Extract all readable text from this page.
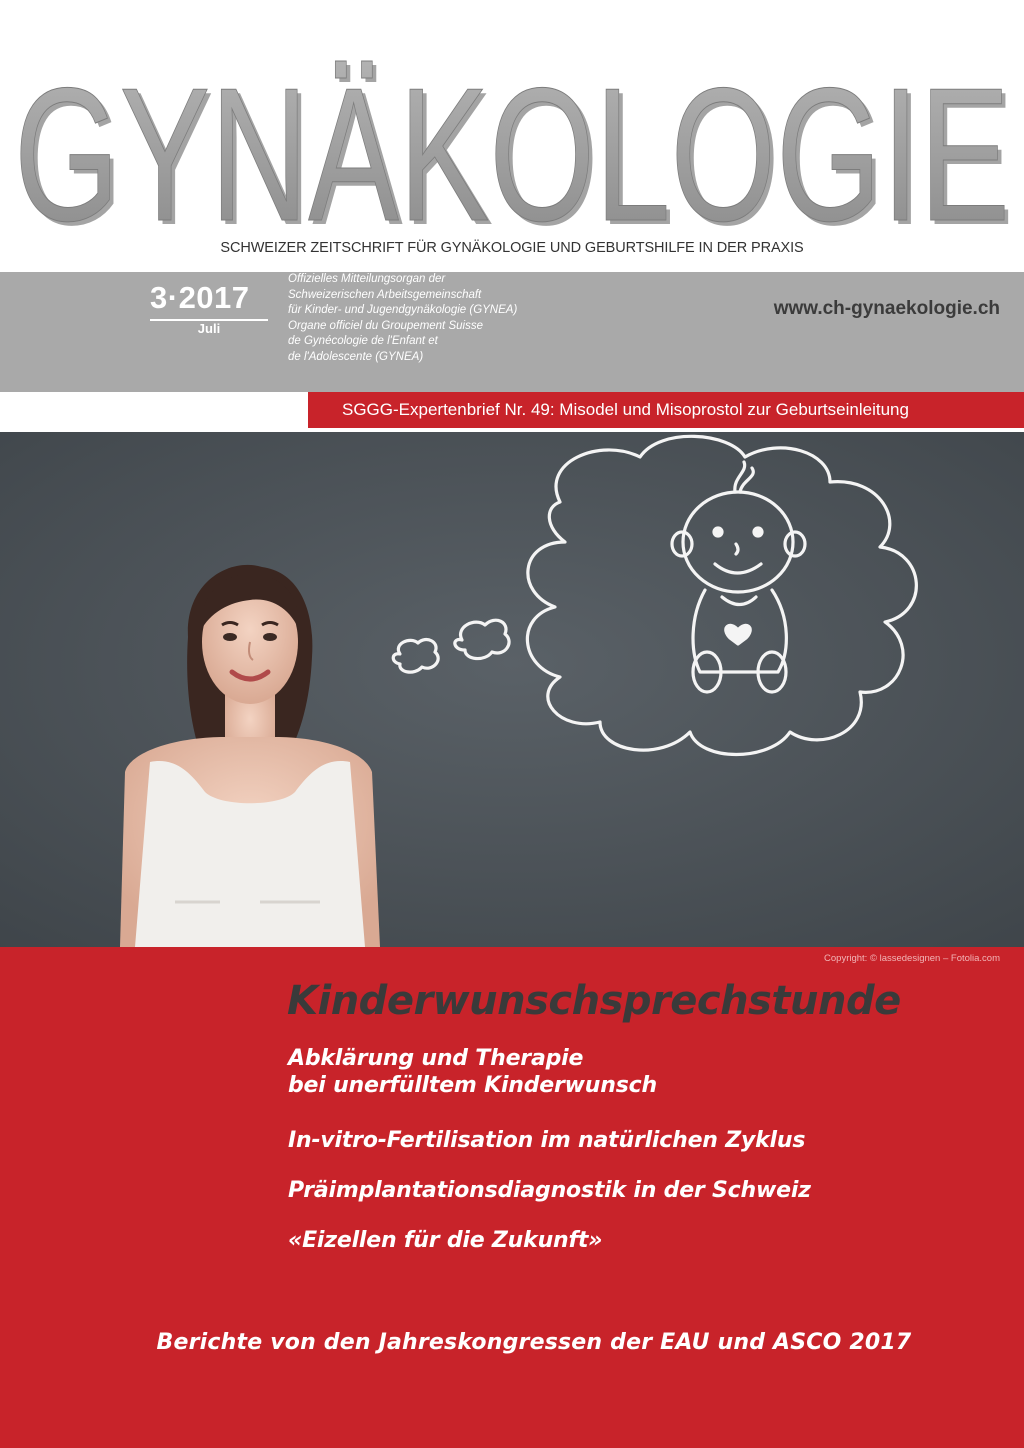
GYNÄKOLOGIE
GYNÄKOLOGIE
SCHWEIZER ZEITSCHRIFT FÜR GYNÄKOLOGIE UND GEBURTSHILFE IN DER PRAXIS
3·2017
Juli
Offizielles Mitteilungsorgan der
Schweizerischen Arbeitsgemeinschaft
für Kinder- und Jugendgynäkologie (GYNEA)
Organe officiel du Groupement Suisse
de Gynécologie de l'Enfant et
de l'Adolescente (GYNEA)
www.ch-gynaekologie.ch
!	SGGG-Expertenbrief Nr. 49: Misodel und Misoprostol zur Geburtseinleitung
Copyright: © lassedesignen – Fotolia.com
Kinderwunschsprechstunde
Abklärung und Therapie
bei unerfülltem Kinderwunsch
In-vitro-Fertilisation im natürlichen Zyklus
Präimplantationsdiagnostik in der Schweiz
«Eizellen für die Zukunft»
Berichte von den Jahreskongressen der EAU und ASCO 2017
